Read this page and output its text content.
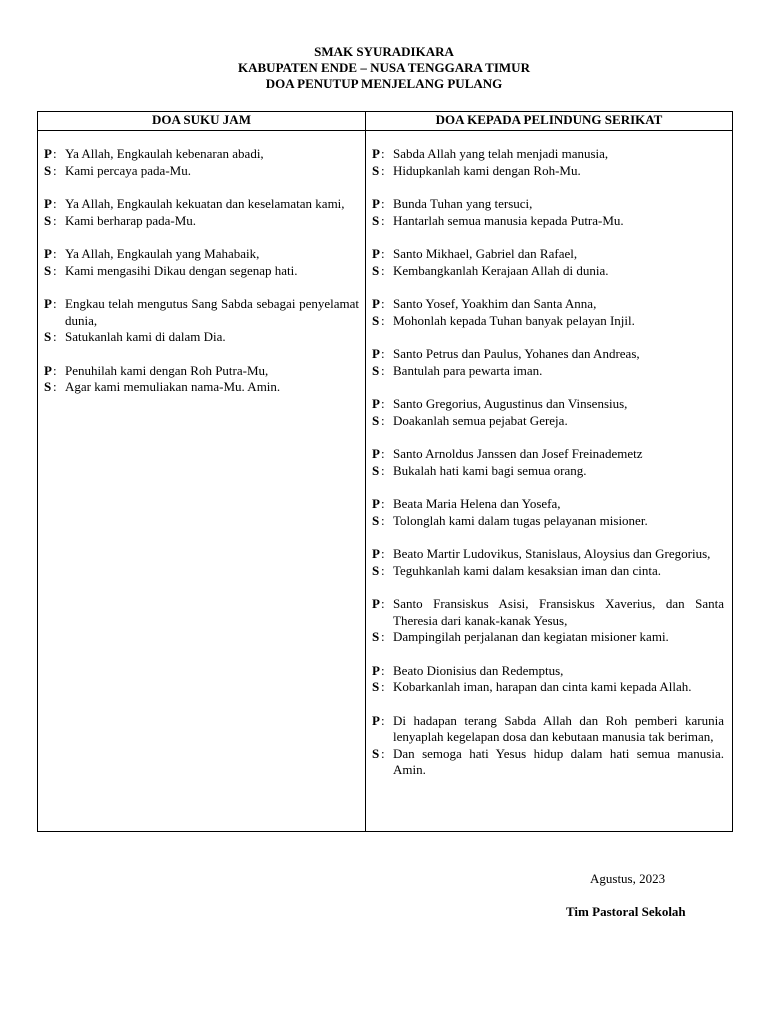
SMAK SYURADIKARA
KABUPATEN ENDE – NUSA TENGGARA TIMUR
DOA PENUTUP MENJELANG PULANG
DOA SUKU JAM
P : Ya Allah, Engkaulah kebenaran abadi,
S : Kami percaya pada-Mu.
P : Ya Allah, Engkaulah kekuatan dan keselamatan kami,
S : Kami berharap pada-Mu.
P : Ya Allah, Engkaulah yang Mahabaik,
S : Kami mengasihi Dikau dengan segenap hati.
P : Engkau telah mengutus Sang Sabda sebagai penyelamat dunia,
S : Satukanlah kami di dalam Dia.
P : Penuhilah kami dengan Roh Putra-Mu,
S : Agar kami memuliakan nama-Mu. Amin.
DOA KEPADA PELINDUNG SERIKAT
P : Sabda Allah yang telah menjadi manusia,
S : Hidupkanlah kami dengan Roh-Mu.
P : Bunda Tuhan yang tersuci,
S : Hantarlah semua manusia kepada Putra-Mu.
P : Santo Mikhael, Gabriel dan Rafael,
S : Kembangkanlah Kerajaan Allah di dunia.
P : Santo Yosef, Yoakhim dan Santa Anna,
S : Mohonlah kepada Tuhan banyak pelayan Injil.
P : Santo Petrus dan Paulus, Yohanes dan Andreas,
S : Bantulah para pewarta iman.
P : Santo Gregorius, Augustinus dan Vinsensius,
S : Doakanlah semua pejabat Gereja.
P : Santo Arnoldus Janssen dan Josef Freinademetz
S : Bukalah hati kami bagi semua orang.
P : Beata Maria Helena dan Yosefa,
S : Tolonglah kami dalam tugas pelayanan misioner.
P : Beato Martir Ludovikus, Stanislaus, Aloysius dan Gregorius,
S : Teguhkanlah kami dalam kesaksian iman dan cinta.
P : Santo Fransiskus Asisi, Fransiskus Xaverius, dan Santa Theresia dari kanak-kanak Yesus,
S : Dampingilah perjalanan dan kegiatan misioner kami.
P : Beato Dionisius dan Redemptus,
S : Kobarkanlah iman, harapan dan cinta kami kepada Allah.
P : Di hadapan terang Sabda Allah dan Roh pemberi karunia lenyaplah kegelapan dosa dan kebutaan manusia tak beriman,
S : Dan semoga hati Yesus hidup dalam hati semua manusia. Amin.
Agustus, 2023
Tim Pastoral Sekolah
